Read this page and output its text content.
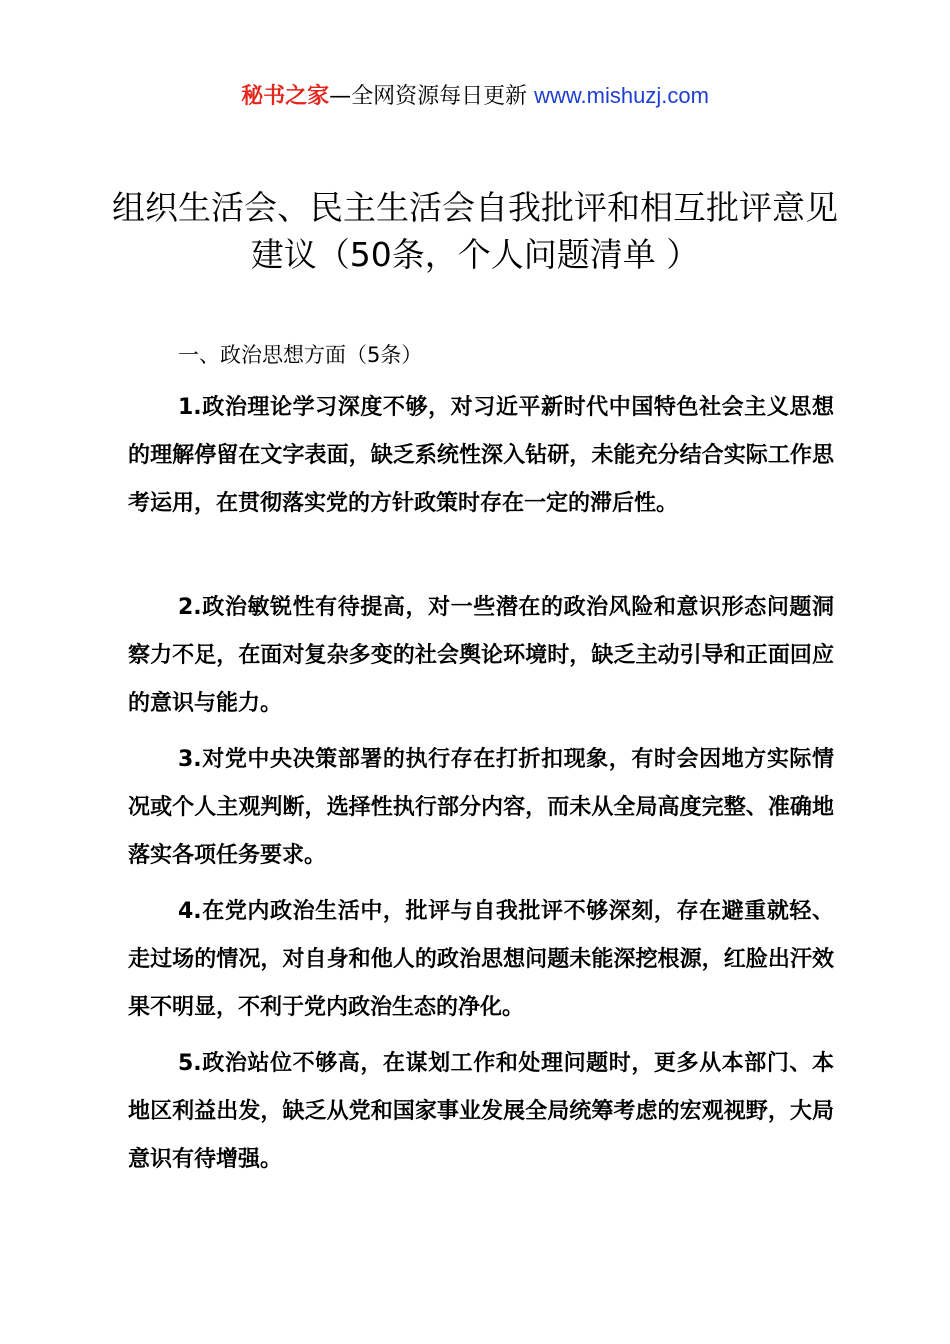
秘书之家—全网资源每日更新 www.mishuzj.com
组织生活会、民主生活会自我批评和相互批评意见建议（50条，个人问题清单 ）
一、政治思想方面（5条）

1.政治理论学习深度不够，对习近平新时代中国特色社会主义思想的理解停留在文字表面，缺乏系统性深入钻研，未能充分结合实际工作思考运用，在贯彻落实党的方针政策时存在一定的滞后性。

2.政治敏锐性有待提高，对一些潜在的政治风险和意识形态问题洞察力不足，在面对复杂多变的社会舆论环境时，缺乏主动引导和正面回应的意识与能力。

3.对党中央决策部署的执行存在打折扣现象，有时会因地方实际情况或个人主观判断，选择性执行部分内容，而未从全局高度完整、准确地落实各项任务要求。

4.在党内政治生活中，批评与自我批评不够深刻，存在避重就轻、走过场的情况，对自身和他人的政治思想问题未能深挖根源，红脸出汗效果不明显，不利于党内政治生态的净化。

5.政治站位不够高，在谋划工作和处理问题时，更多从本部门、本地区利益出发，缺乏从党和国家事业发展全局统筹考虑的宏观视野，大局意识有待增强。
